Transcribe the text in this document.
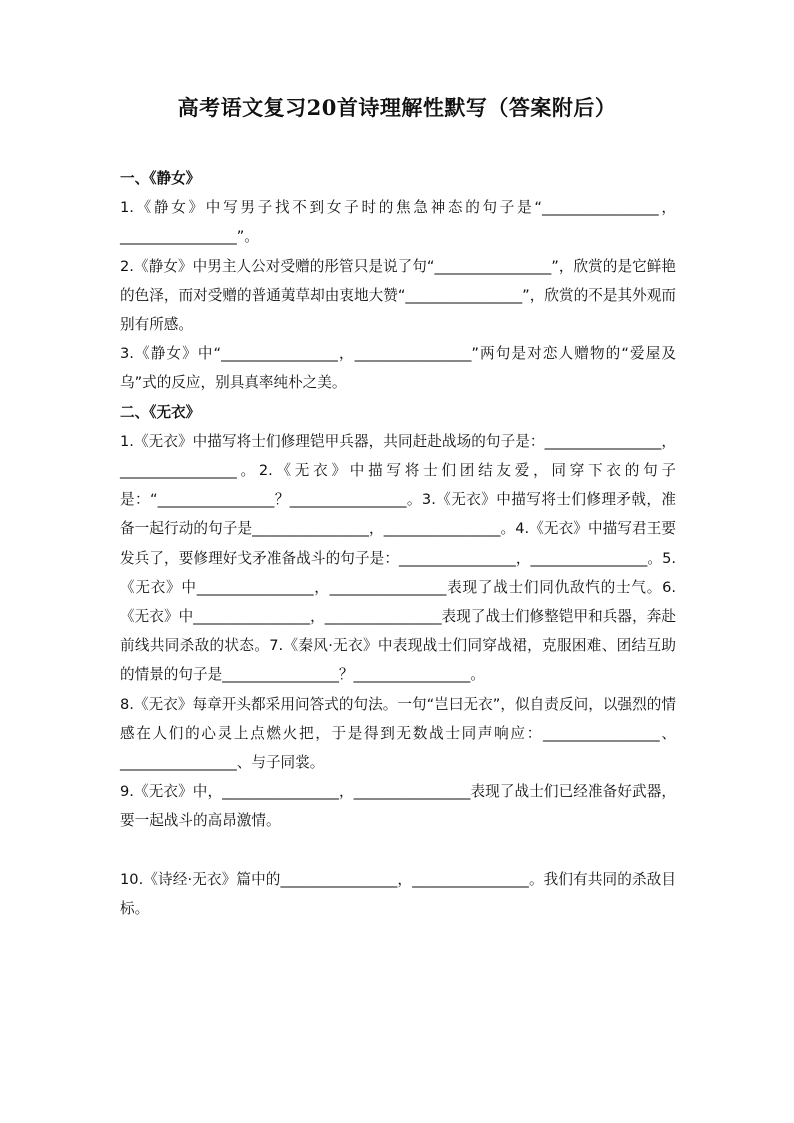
高考语文复习20首诗理解性默写（答案附后）

一、《静女》

1.《静女》中写男子找不到女子时的焦急神态的句子是“________________，________________”。

2.《静女》中男主人公对受赠的彤管只是说了句“________________”，欣赏的是它鲜艳的色泽，而对受赠的普通荑草却由衷地大赞“________________”，欣赏的不是其外观而别有所感。

3.《静女》中“________________，________________”两句是对恋人赠物的“爱屋及乌”式的反应，别具真率纯朴之美。

二、《无衣》

1.《无衣》中描写将士们修理铠甲兵器，共同赶赴战场的句子是：________________，________________。2.《无衣》中描写将士们团结友爱，同穿下衣的句子是：“________________？________________。3.《无衣》中描写将士们修理矛戟，准备一起行动的句子是________________，________________。4.《无衣》中描写君王要发兵了，要修理好戈矛准备战斗的句子是：________________，________________。5.《无衣》中________________，________________表现了战士们同仇敌忾的士气。6.《无衣》中________________，________________表现了战士们修整铠甲和兵器，奔赴前线共同杀敌的状态。7.《秦风·无衣》中表现战士们同穿战裙，克服困难、团结互助的情景的句子是________________？________________。

8.《无衣》每章开头都采用问答式的句法。一句“岂曰无衣”，似自责反问，以强烈的情感在人们的心灵上点燃火把，于是得到无数战士同声响应：________________、________________、与子同裳。

9.《无衣》中，________________，________________表现了战士们已经准备好武器，要一起战斗的高昂激情。

10.《诗经·无衣》篇中的________________，________________。我们有共同的杀敌目标。
